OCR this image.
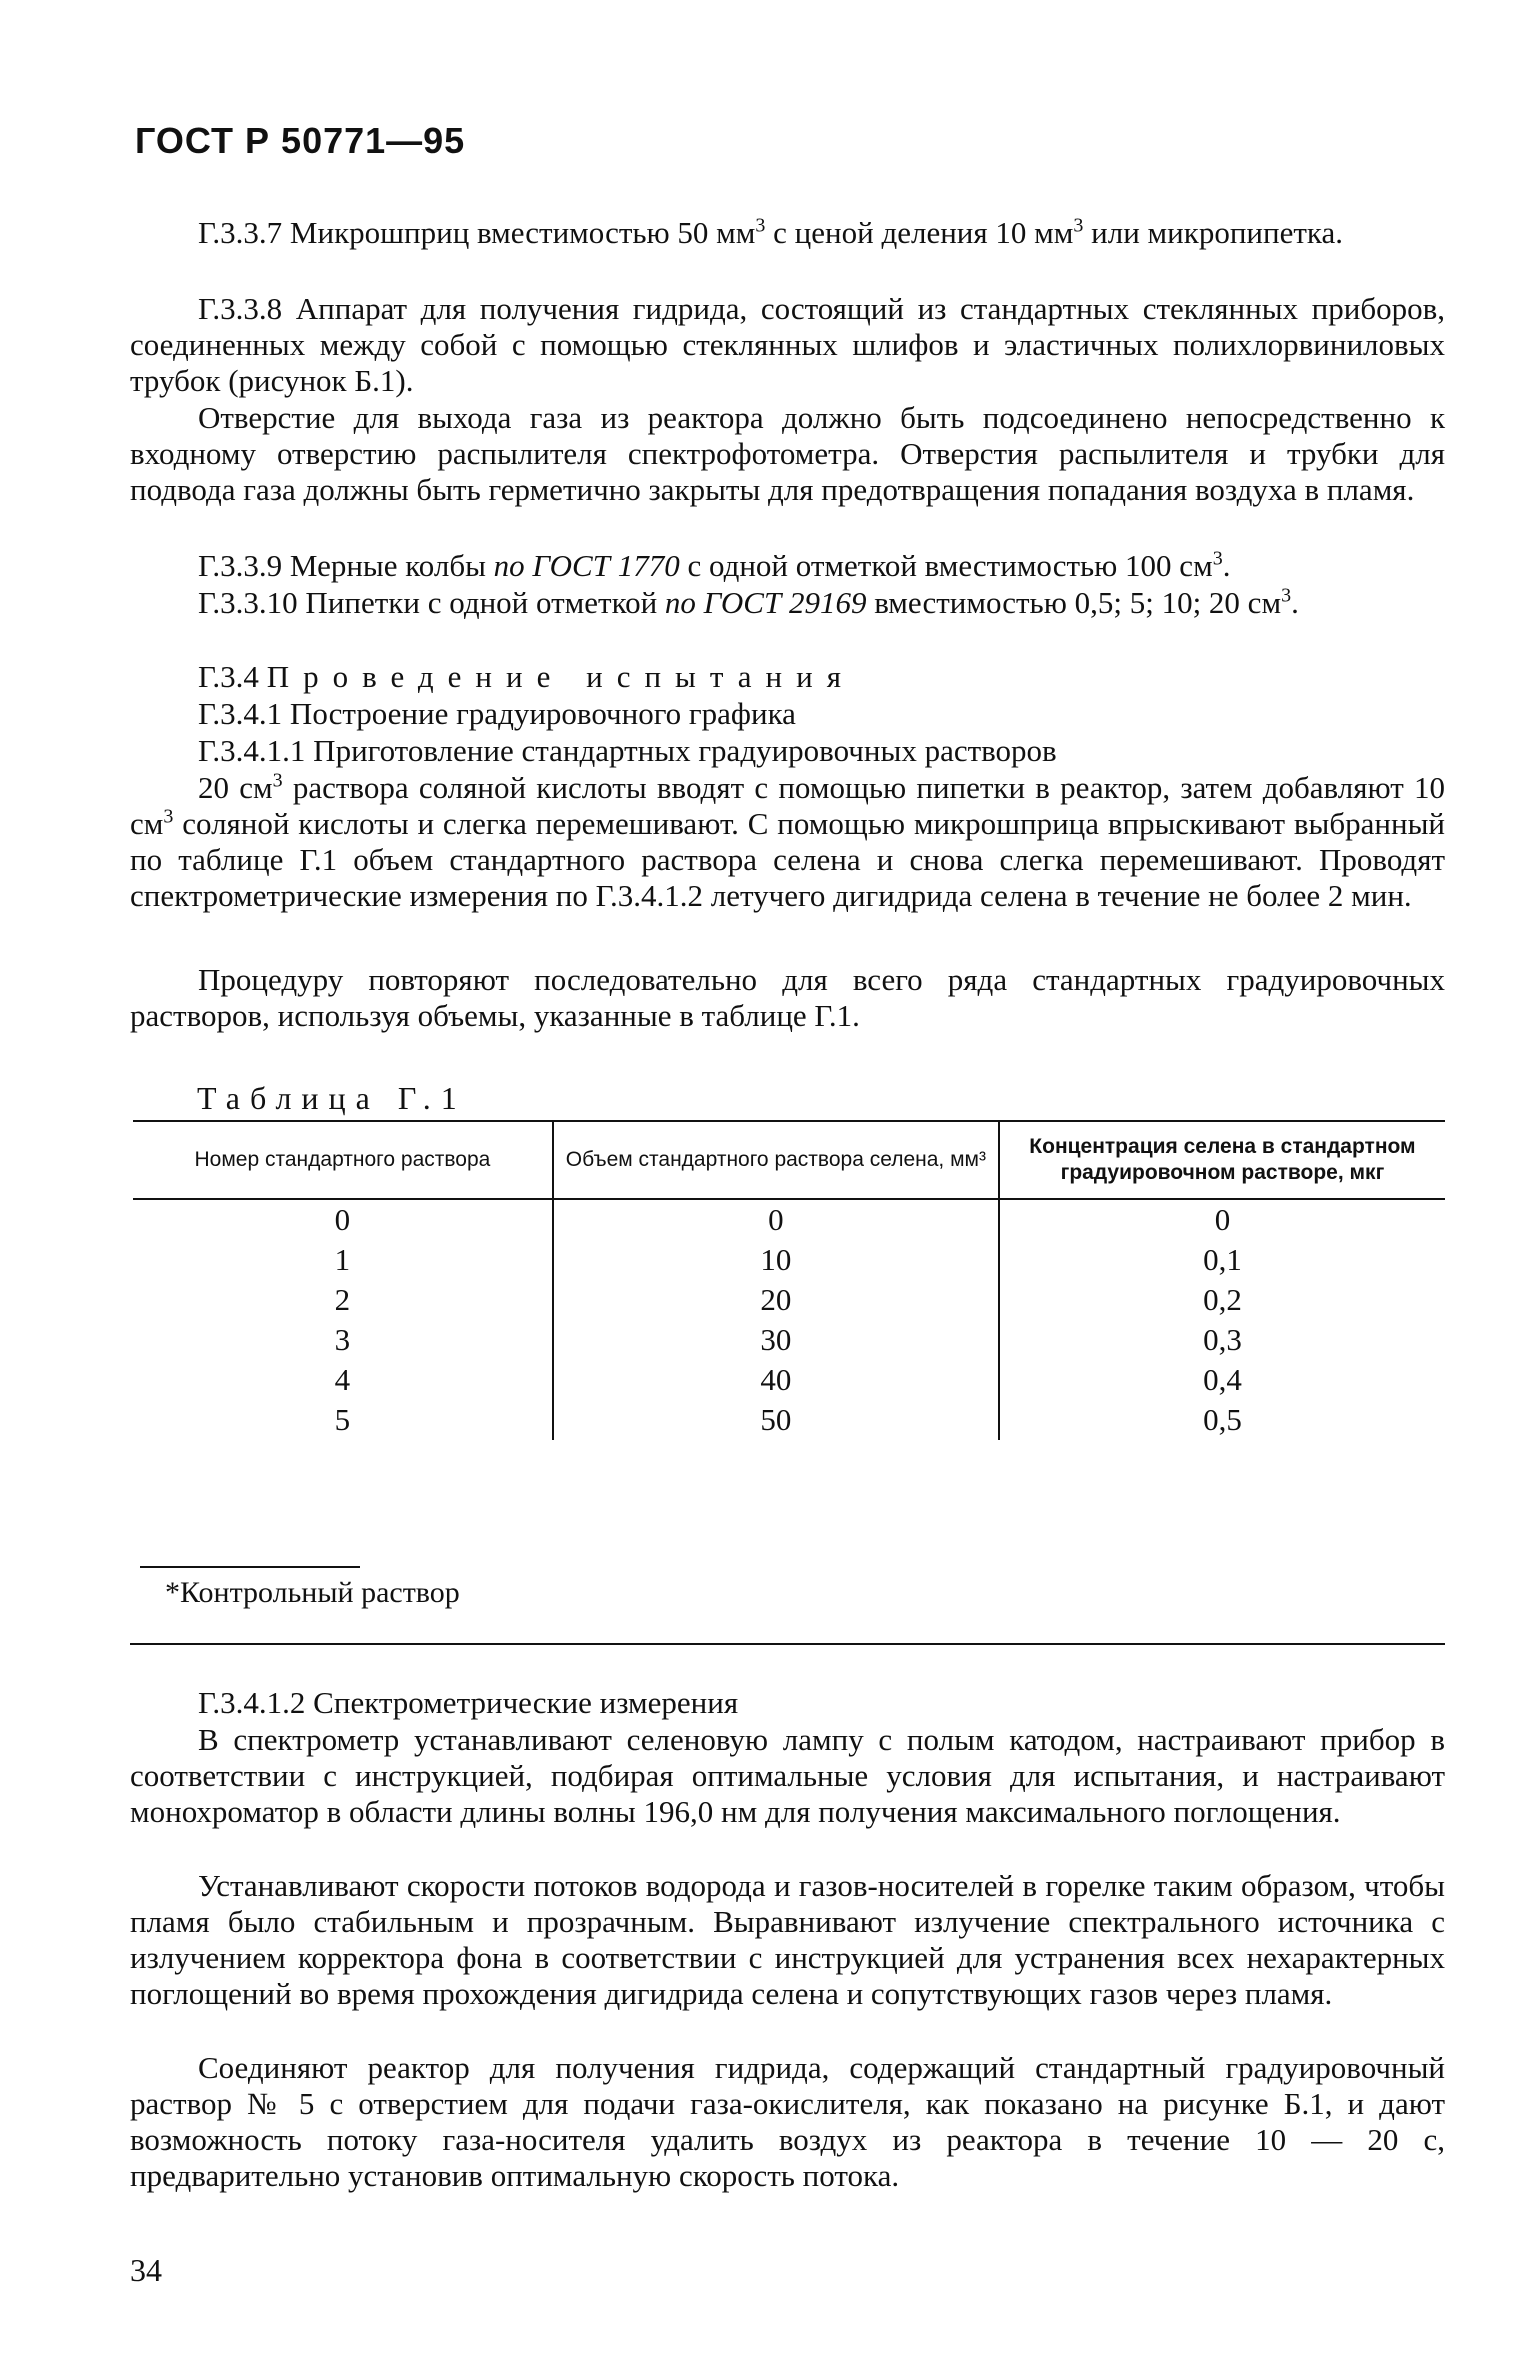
ГОСТ Р 50771—95
Г.3.3.7 Микрошприц вместимостью 50 $мм^3$ с ценой деления 10 $мм^3$ или микропипетка.
Г.3.3.8 Аппарат для получения гидрида, состоящий из стандартных стеклянных приборов, соединенных между собой с помощью стеклянных шлифов и эластичных полихлорвиниловых трубок (рисунок Б.1).
Отверстие для выхода газа из реактора должно быть подсоединено непосредственно к входному отверстию распылителя спектрофотометра. Отверстия распылителя и трубки для подвода газа должны быть герметично закрыты для предотвращения попадания воздуха в пламя.
Г.3.3.9 Мерные колбы по ГОСТ 1770 с одной отметкой вместимостью 100 $см^3$.
Г.3.3.10 Пипетки с одной отметкой по ГОСТ 29169 вместимостью 0,5; 5; 10; 20 $см^3$.
Г.3.4 Проведение испытания
Г.3.4.1 Построение градуировочного графика
Г.3.4.1.1 Приготовление стандартных градуировочных растворов
20 $см^3$ раствора соляной кислоты вводят с помощью пипетки в реактор, затем добавляют 10 $см^3$ соляной кислоты и слегка перемешивают. С помощью микрошприца впрыскивают выбранный по таблице Г.1 объем стандартного раствора селена и снова слегка перемешивают. Проводят спектрометрические измерения по Г.3.4.1.2 летучего дигидрида селена в течение не более 2 мин.
Процедуру повторяют последовательно для всего ряда стандартных градуировочных растворов, используя объемы, указанные в таблице Г.1.
Таблица Г.1
Номер стандартного раствора	Объем стандартного раствора селена, мм³	Концентрация селена в стандартном градуировочном растворе, мкг
0	0	0
1	10	0,1
2	20	0,2
3	30	0,3
4	40	0,4
5	50	0,5
*Контрольный раствор
Г.3.4.1.2 Спектрометрические измерения
В спектрометр устанавливают селеновую лампу с полым катодом, настраивают прибор в соответствии с инструкцией, подбирая оптимальные условия для испытания, и настраивают монохроматор в области длины волны 196,0 нм для получения максимального поглощения.
Устанавливают скорости потоков водорода и газов-носителей в горелке таким образом, чтобы пламя было стабильным и прозрачным. Выравнивают излучение спектрального источника с излучением корректора фона в соответствии с инструкцией для устранения всех нехарактерных поглощений во время прохождения дигидрида селена и сопутствующих газов через пламя.
Соединяют реактор для получения гидрида, содержащий стандартный градуировочный раствор № 5 с отверстием для подачи газа-окислителя, как показано на рисунке Б.1, и дают возможность потоку газа-носителя удалить воздух из реактора в течение 10 — 20 с, предварительно установив оптимальную скорость потока.
34
